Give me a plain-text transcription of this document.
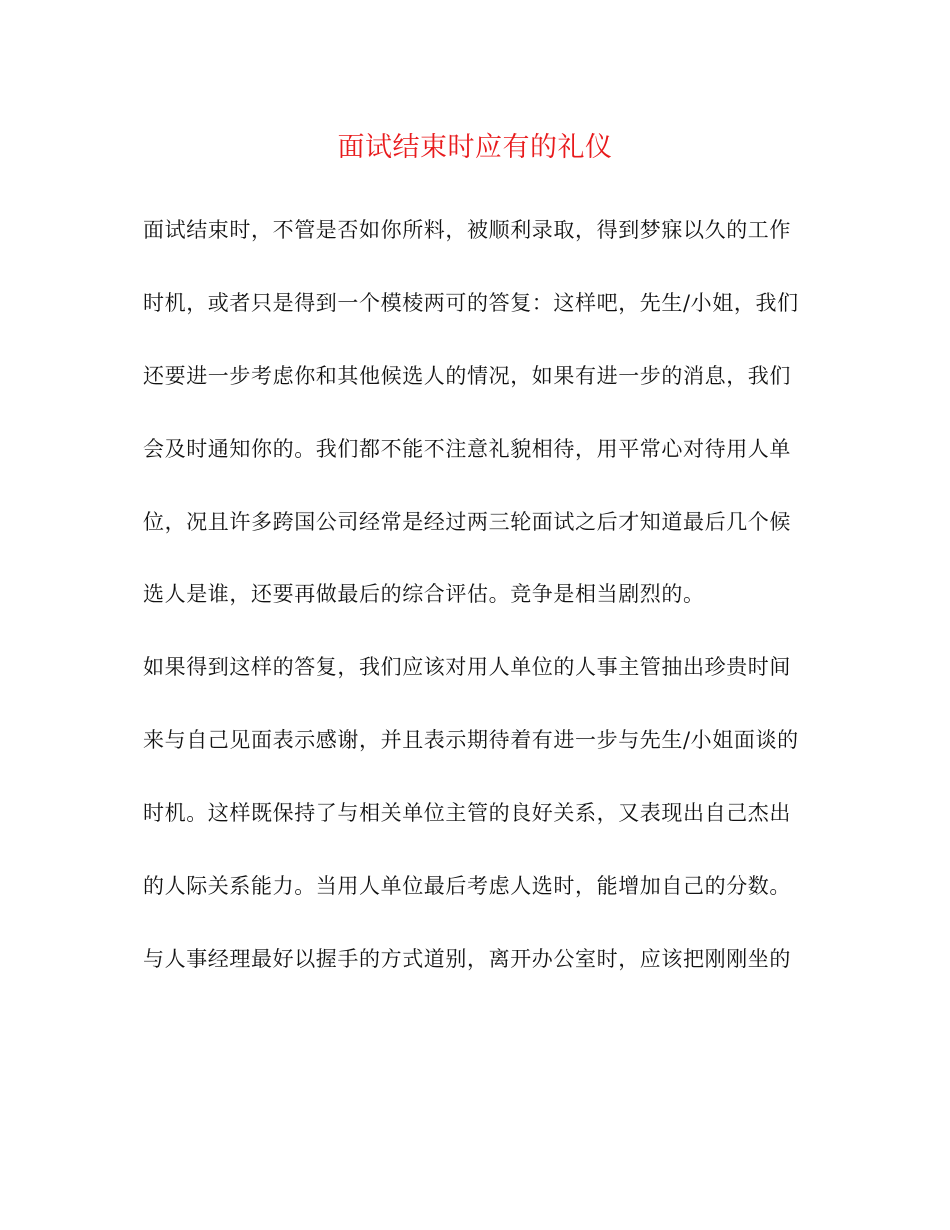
面试结束时应有的礼仪
面试结束时，不管是否如你所料，被顺利录取，得到梦寐以久的工作
时机，或者只是得到一个模棱两可的答复：这样吧，先生/小姐，我们
还要进一步考虑你和其他候选人的情况，如果有进一步的消息，我们
会及时通知你的。我们都不能不注意礼貌相待，用平常心对待用人单
位，况且许多跨国公司经常是经过两三轮面试之后才知道最后几个候
选人是谁，还要再做最后的综合评估。竞争是相当剧烈的。
如果得到这样的答复，我们应该对用人单位的人事主管抽出珍贵时间
来与自己见面表示感谢，并且表示期待着有进一步与先生/小姐面谈的
时机。这样既保持了与相关单位主管的良好关系，又表现出自己杰出
的人际关系能力。当用人单位最后考虑人选时，能增加自己的分数。
与人事经理最好以握手的方式道别，离开办公室时，应该把刚刚坐的
